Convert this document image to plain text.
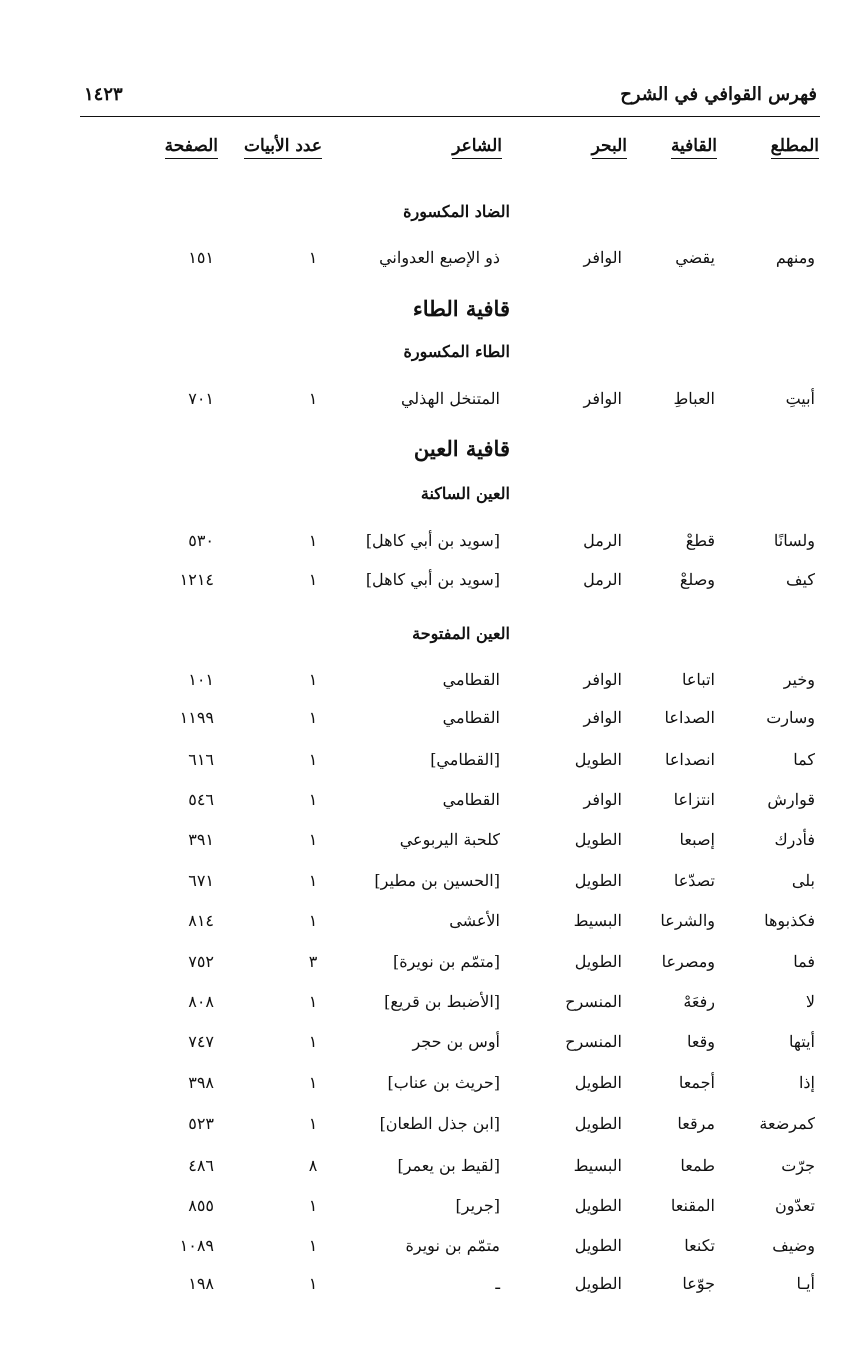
فهرس القوافي في الشرح
١٤٢٣
المطلع
القافية
البحر
الشاعر
عدد الأبيات
الصفحة
الضاد المكسورة
قافية الطاء
الطاء المكسورة
قافية العين
العين الساكنة
العين المفتوحة
ومنهم
يقضي
الوافر
ذو الإصبع العدواني
١
١٥١
أبيتِ
العباطِ
الوافر
المتنخل الهذلي
١
٧٠١
ولسانًا
قطعْ
الرمل
[سويد بن أبي كاهل]
١
٥٣٠
كيف
وصلعْ
الرمل
[سويد بن أبي كاهل]
١
١٢١٤
وخير
اتباعا
الوافر
القطامي
١
١٠١
وسارت
الصداعا
الوافر
القطامي
١
١١٩٩
كما
انصداعا
الطويل
[القطامي]
١
٦١٦
قوارش
انتزاعا
الوافر
القطامي
١
٥٤٦
فأدرك
إصبعا
الطويل
كلحبة اليربوعي
١
٣٩١
بلى
تصدّعا
الطويل
[الحسين بن مطير]
١
٦٧١
فكذبوها
والشرعا
البسيط
الأعشى
١
٨١٤
فما
ومصرعا
الطويل
[متمّم بن نويرة]
٣
٧٥٢
لا
رفعَهْ
المنسرح
[الأضبط بن قريع]
١
٨٠٨
أيتها
وقعا
المنسرح
أوس بن حجر
١
٧٤٧
إذا
أجمعا
الطويل
[حريث بن عناب]
١
٣٩٨
كمرضعة
مرقعا
الطويل
[ابن جذل الطعان]
١
٥٢٣
جرّت
طمعا
البسيط
[لقيط بن يعمر]
٨
٤٨٦
تعدّون
المقنعا
الطويل
[جرير]
١
٨٥٥
وضيف
تكنعا
الطويل
متمّم بن نويرة
١
١٠٨٩
أيـا
جوّعا
الطويل
ـ
١
١٩٨
